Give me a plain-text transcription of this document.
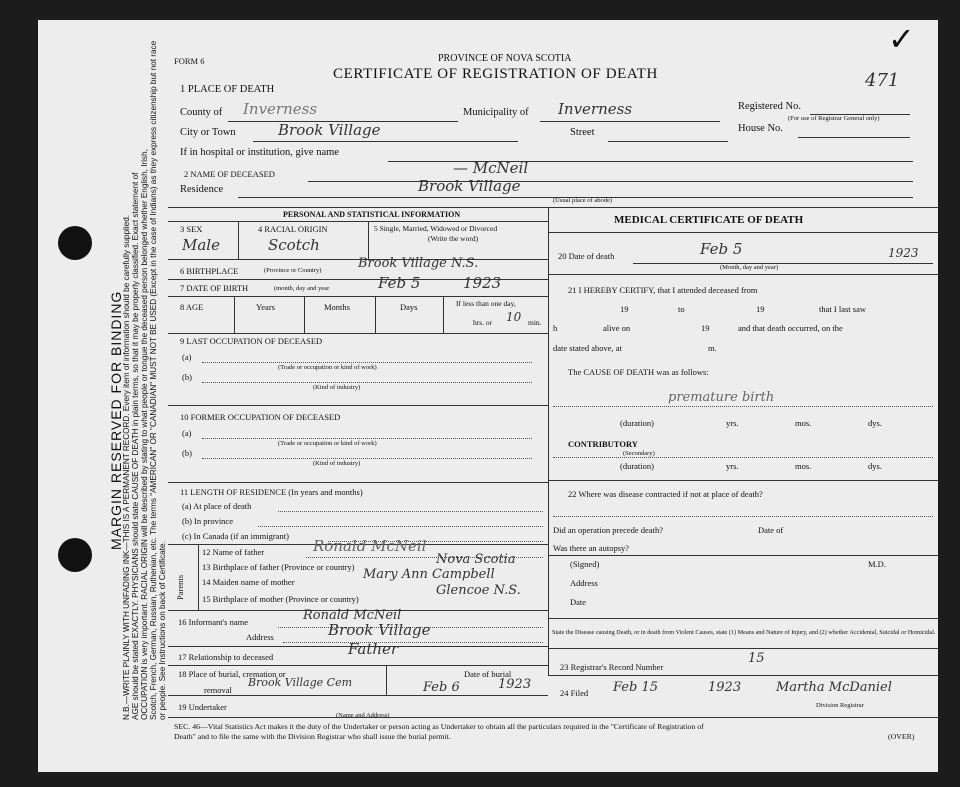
MARGIN RESERVED FOR BINDING
N.B.—WRITE PLAINLY WITH UNFADING INK—THIS IS A PERMANENT RECORD. Every item of information should be carefully supplied. AGE should be stated EXACTLY. PHYSICIANS should state CAUSE OF DEATH in plain terms, so that it may be properly classified. Exact statement of OCCUPATION is very important. RACIAL ORIGIN will be described by stating to what people or tongue the deceased person belonged whether English, Irish, Scotch, French, German, Russian, Ruthenian, etc. The terms "AMERICAN" OR "CANADIAN" MUST NOT BE USED (Except in the case of Indians) as they express citizenship but not race or people. See Instructions on back of Certificate.
FORM 6	PROVINCE OF NOVA SCOTIA
CERTIFICATE OF REGISTRATION OF DEATH
✓
471
1 PLACE OF DEATH
County of Inverness	Municipality of Inverness	Registered No.
(For use of Registrar General only)
City or Town	Brook Village	Street	House No.
If in hospital or institution, give name
2 NAME OF DECEASED	— McNeil
Residence	Brook Village
(Usual place of abode)
PERSONAL AND STATISTICAL INFORMATION
3 SEX
Male
4 RACIAL ORIGIN
Scotch
5 Single, Married, Widowed or Divorced
(Write the word)
6 BIRTHPLACE	(Province or Country)	Brook Village N.S.
7 DATE OF BIRTH	(month, day and year	Feb 5	1923
8 AGE	Years	Months	Days	If less than one day,
hrs. or 10 min.
9 LAST OCCUPATION OF DECEASED
(a)
(Trade or occupation or kind of work)
(b)
(Kind of industry)
10 FORMER OCCUPATION OF DECEASED
(a)
(Trade or occupation or kind of work)
(b)
(Kind of industry)
11 LENGTH OF RESIDENCE (In years and months)
(a) At place of death
(b) In province
(c) In Canada (if an immigrant)
Parents
12 Name of father	Ronald McNeil
13 Birthplace of father (Province or country)	Nova Scotia
14 Maiden name of mother	Mary Ann Campbell
15 Birthplace of mother (Province or country)
Glencoe N.S.
16 Informant's name	Ronald McNeil
Address	Brook Village
17 Relationship to deceased	Father
18 Place of burial, cremation or
removal
Brook Village Cem
Date of burial
Feb 6	1923
19 Undertaker
(Name and Address)
MEDICAL CERTIFICATE OF DEATH
20 Date of death	Feb 5	1923
(Month, day and year)
21 I HEREBY CERTIFY, that I attended deceased from
19	to	19	that I last saw
h	alive on	19	and that death occurred, on the
date stated above, at	m.
The CAUSE OF DEATH was as follows:
premature birth
(duration)	yrs.	mos.	dys.
CONTRIBUTORY
(Secondary)
(duration)	yrs.	mos.	dys.
22 Where was disease contracted if not at place of death?
Did an operation precede death?	Date of
Was there an autopsy?
(Signed)	M.D.
Address
Date
State the Disease causing Death, or in death from Violent Causes, state (1) Means and Nature of Injury, and (2) whether Accidental, Suicidal or Homicidal.
23 Registrar's Record Number
15
24 Filed Feb 15	1923	Martha McDaniel
Division Registrar
SEC. 46—Vital Statistics Act makes it the duty of the Undertaker or person acting as Undertaker to obtain all the particulars required in the "Certificate of Registration of
Death" and to file the same with the Division Registrar who shall issue the burial permit.	(OVER)
